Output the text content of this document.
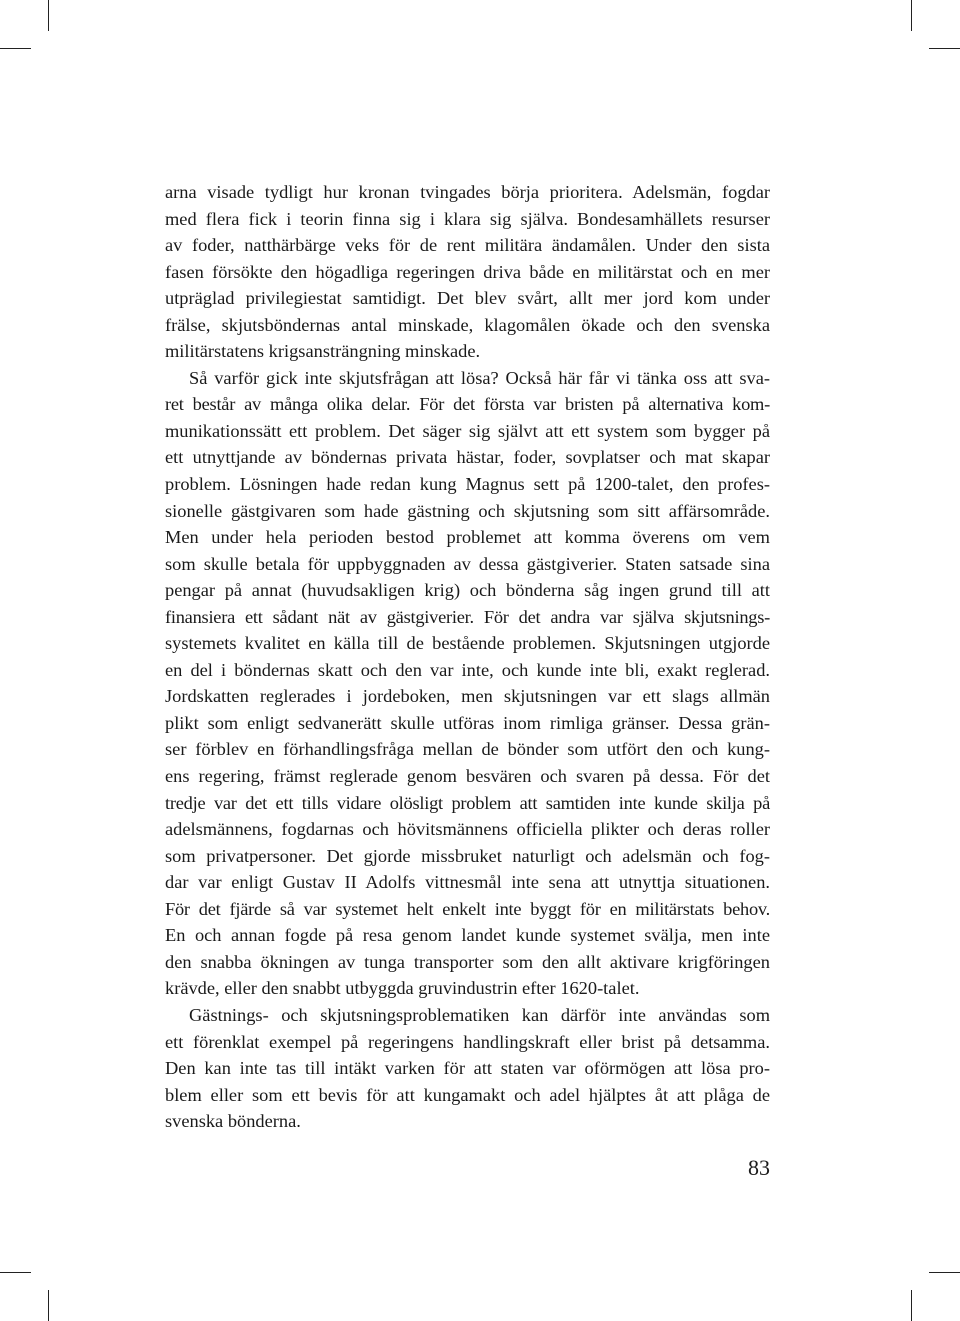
arna visade tydligt hur kronan tvingades börja prioritera. Adelsmän, fogdar
med flera fick i teorin finna sig i klara sig själva. Bondesamhällets resurser
av foder, natthärbärge veks för de rent militära ändamålen. Under den sista
fasen försökte den högadliga regeringen driva både en militärstat och en mer
utpräglad privilegiestat samtidigt. Det blev svårt, allt mer jord kom under
frälse, skjutsböndernas antal minskade, klagomålen ökade och den svenska
militärstatens krigsansträngning minskade.
Så varför gick inte skjutsfrågan att lösa? Också här får vi tänka oss att sva-
ret består av många olika delar. För det första var bristen på alternativa kom-
munikationssätt ett problem. Det säger sig självt att ett system som bygger på
ett utnyttjande av böndernas privata hästar, foder, sovplatser och mat skapar
problem. Lösningen hade redan kung Magnus sett på 1200-talet, den profes-
sionelle gästgivaren som hade gästning och skjutsning som sitt affärsområde.
Men under hela perioden bestod problemet att komma överens om vem
som skulle betala för uppbyggnaden av dessa gästgiverier. Staten satsade sina
pengar på annat (huvudsakligen krig) och bönderna såg ingen grund till att
finansiera ett sådant nät av gästgiverier. För det andra var själva skjutsnings-
systemets kvalitet en källa till de bestående problemen. Skjutsningen utgjorde
en del i böndernas skatt och den var inte, och kunde inte bli, exakt reglerad.
Jordskatten reglerades i jordeboken, men skjutsningen var ett slags allmän
plikt som enligt sedvanerätt skulle utföras inom rimliga gränser. Dessa grän-
ser förblev en förhandlingsfråga mellan de bönder som utfört den och kung-
ens regering, främst reglerade genom besvären och svaren på dessa. För det
tredje var det ett tills vidare olösligt problem att samtiden inte kunde skilja på
adelsmännens, fogdarnas och hövitsmännens officiella plikter och deras roller
som privatpersoner. Det gjorde missbruket naturligt och adelsmän och fog-
dar var enligt Gustav II Adolfs vittnesmål inte sena att utnyttja situationen.
För det fjärde så var systemet helt enkelt inte byggt för en militärstats behov.
En och annan fogde på resa genom landet kunde systemet svälja, men inte
den snabba ökningen av tunga transporter som den allt aktivare krigföringen
krävde, eller den snabbt utbyggda gruvindustrin efter 1620-talet.
Gästnings- och skjutsningsproblematiken kan därför inte användas som
ett förenklat exempel på regeringens handlingskraft eller brist på detsamma.
Den kan inte tas till intäkt varken för att staten var oförmögen att lösa pro-
blem eller som ett bevis för att kungamakt och adel hjälptes åt att plåga de
svenska bönderna.
83
